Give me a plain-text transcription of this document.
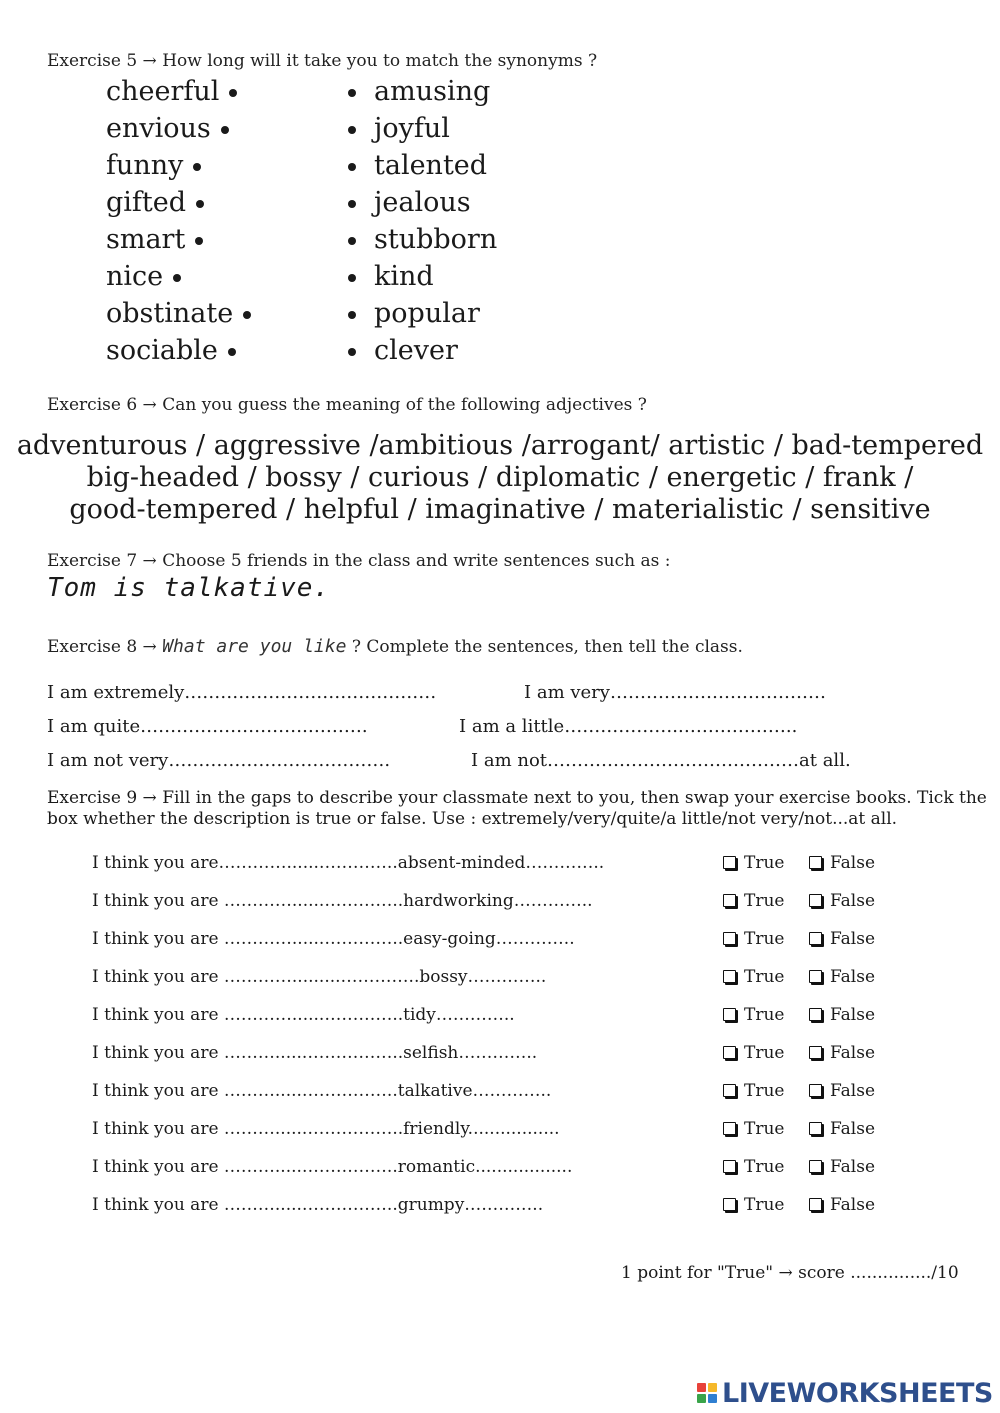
Exercise 5 → How long will it take you to match the synonyms ?
cheerful	amusing
envious	joyful
funny	talented
gifted	jealous
smart	stubborn
nice	kind
obstinate	popular
sociable	clever
Exercise 6 → Can you guess the meaning of the following adjectives ?
adventurous / aggressive /ambitious /arrogant/ artistic / bad-tempered
big-headed / bossy / curious / diplomatic / energetic / frank /
good-tempered / helpful / imaginative / materialistic / sensitive
Exercise 7 → Choose 5 friends in the class and write sentences such as :
Tom is talkative.
Exercise 8 → What are you like ? Complete the sentences, then tell the class.
I am extremely……………………………………	I am very………………………………
I am quite……………………….……….	I am a little……………….………………..
I am not very……………………………….	I am not……………………………………at all.
Exercise 9 → Fill in the gaps to describe your classmate next to you, then swap your exercise books. Tick the
box whether the description is true or false. Use : extremely/very/quite/a little/not very/not...at all.
I think you are…………......…………..absent-minded…………..	True	False
I think you are …………......…………..hardworking…………..	True	False
I think you are …………......…………..easy-going…………..	True	False
I think you are ………….........…………..bossy…………..	True	False
I think you are …………......…………..tidy…………..	True	False
I think you are ………......……………..selfish…………..	True	False
I think you are ……….....……………..talkative…………..	True	False
I think you are ………......……………..friendly.................	True	False
I think you are ……….....……………..romantic..................	True	False
I think you are ……….....……………..grumpy…………..	True	False
1 point for "True" → score .............../10
LIVEWORKSHEETS
